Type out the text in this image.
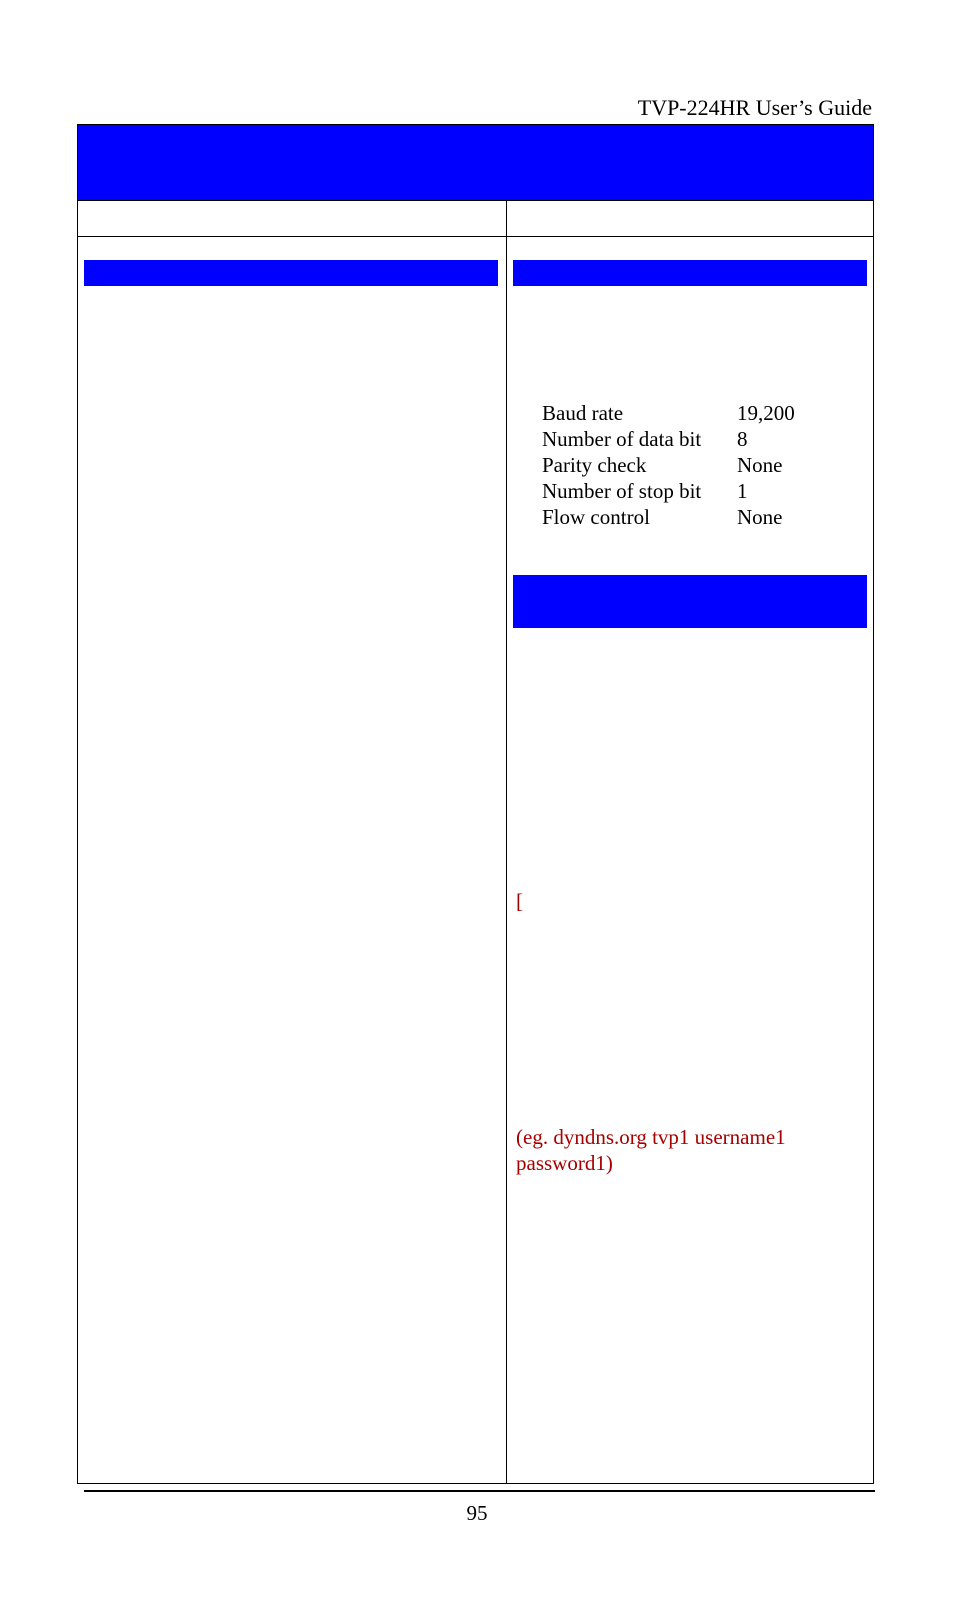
TVP-224HR User’s Guide
Baud rate	19,200
Number of data bit	8
Parity check	None
Number of stop bit	1
Flow control	None
[
(eg. dyndns.org tvp1 username1 password1)
95
